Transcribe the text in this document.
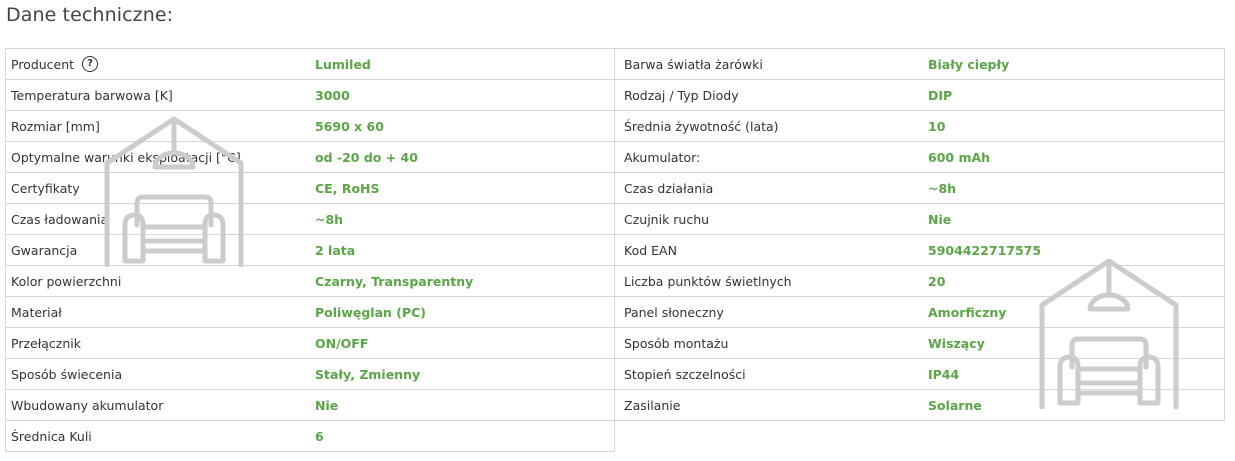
Dane techniczne:
Producent	?	Lumiled
Temperatura barwowa [K]	3000
Rozmiar [mm]	5690 x 60
Optymalne warunki eksploatacji [°C]	od -20 do + 40
Certyfikaty	CE, RoHS
Czas ładowania	~8h
Gwarancja	2 lata
Kolor powierzchni	Czarny, Transparentny
Materiał	Poliwęglan (PC)
Przełącznik	ON/OFF
Sposób świecenia	Stały, Zmienny
Wbudowany akumulator	Nie
Średnica Kuli	6
Barwa światła żarówki	Biały ciepły
Rodzaj / Typ Diody	DIP
Średnia żywotność (lata)	10
Akumulator:	600 mAh
Czas działania	~8h
Czujnik ruchu	Nie
Kod EAN	5904422717575
Liczba punktów świetlnych	20
Panel słoneczny	Amorficzny
Sposób montażu	Wiszący
Stopień szczelności	IP44
Zasilanie	Solarne
